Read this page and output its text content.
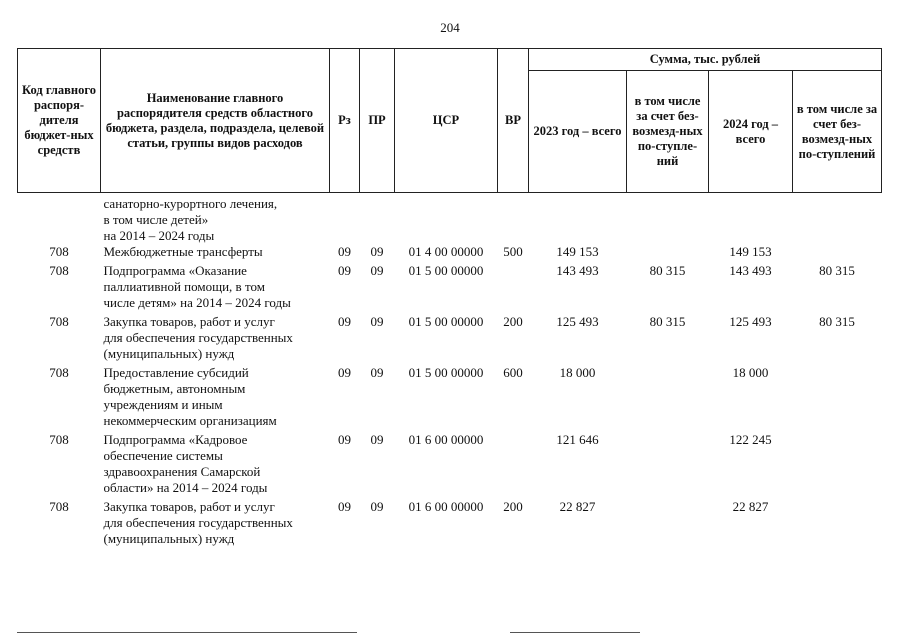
204
Код главного распоря-дителя бюджет-ных средств	Наименование главного распорядителя средств областного бюджета, раздела, подраздела, целевой статьи, группы видов расходов	Рз	ПР	ЦСР	ВР	Сумма, тыс. рублей			
						2023 год – всего	в том числе за счет без-возмезд-ных по-ступле-ний	2024 год – всего	в том числе за счет без-возмезд-ных по-ступлений

	санаторно-курортного лечения,
в том числе детей»
на 2014 – 2024 годы								

708	Межбюджетные трансферты	09	09	01 4 00 00000	500	149 153		149 153	
708	Подпрограмма «Оказание
паллиативной помощи, в том
числе детям» на 2014 – 2024 годы	09	09	01 5 00 00000		143 493	80 315	143 493	80 315
708	Закупка товаров, работ и услуг
для обеспечения государственных
(муниципальных) нужд	09	09	01 5 00 00000	200	125 493	80 315	125 493	80 315
708	Предоставление субсидий
бюджетным, автономным
учреждениям и иным
некоммерческим организациям	09	09	01 5 00 00000	600	18 000		18 000	
708	Подпрограмма «Кадровое
обеспечение системы
здравоохранения Самарской
области» на 2014 – 2024 годы	09	09	01 6 00 00000		121 646		122 245	
708	Закупка товаров, работ и услуг
для обеспечения государственных
(муниципальных) нужд	09	09	01 6 00 00000	200	22 827		22 827	
